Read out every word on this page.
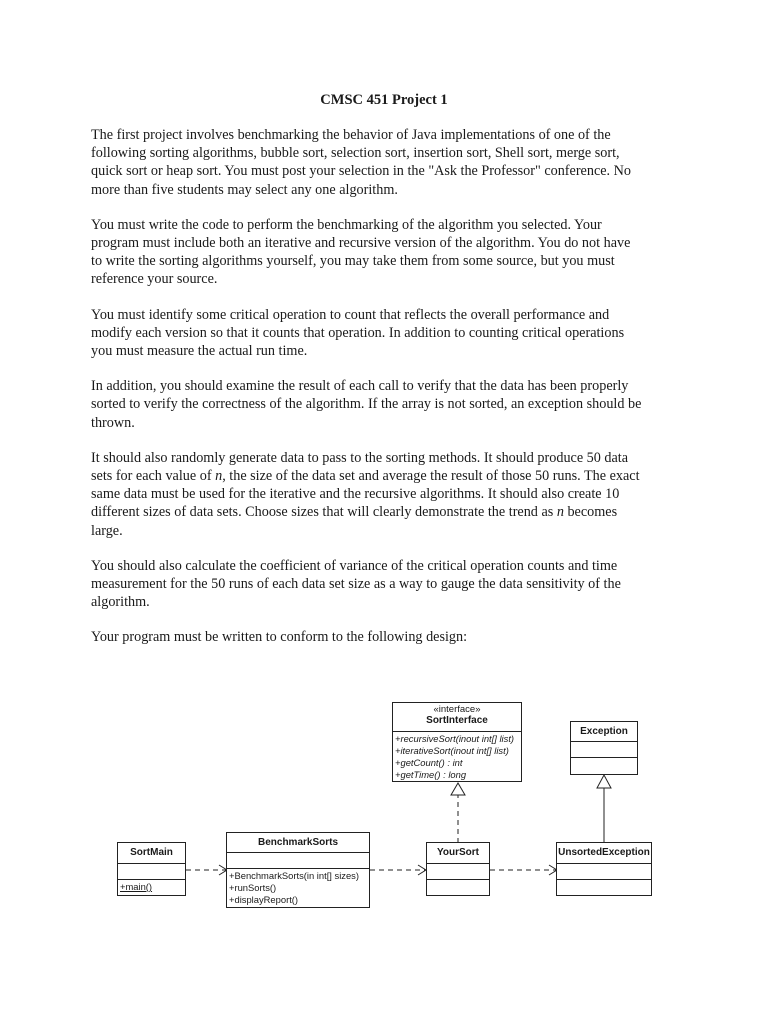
CMSC 451 Project 1

The first project involves benchmarking the behavior of Java implementations of one of the
following sorting algorithms, bubble sort, selection sort, insertion sort, Shell sort, merge sort,
quick sort or heap sort. You must post your selection in the "Ask the Professor" conference. No
more than five students may select any one algorithm.

You must write the code to perform the benchmarking of the algorithm you selected. Your
program must include both an iterative and recursive version of the algorithm. You do not have
to write the sorting algorithms yourself, you may take them from some source, but you must
reference your source.

You must identify some critical operation to count that reflects the overall performance and
modify each version so that it counts that operation. In addition to counting critical operations
you must measure the actual run time.

In addition, you should examine the result of each call to verify that the data has been properly
sorted to verify the correctness of the algorithm. If the array is not sorted, an exception should be
thrown.

It should also randomly generate data to pass to the sorting methods. It should produce 50 data
sets for each value of n, the size of the data set and average the result of those 50 runs. The exact
same data must be used for the iterative and the recursive algorithms. It should also create 10
different sizes of data sets. Choose sizes that will clearly demonstrate the trend as n becomes
large.

You should also calculate the coefficient of variance of the critical operation counts and time
measurement for the 50 runs of each data set size as a way to gauge the data sensitivity of the
algorithm.

Your program must be written to conform to the following design:

«interface»
SortInterface
+recursiveSort(inout int[] list)
+iterativeSort(inout int[] list)
+getCount() : int
+getTime() : long
Exception
SortMain
+main()
BenchmarkSorts
+BenchmarkSorts(in int[] sizes)
+runSorts()
+displayReport()
YourSort	UnsortedException
